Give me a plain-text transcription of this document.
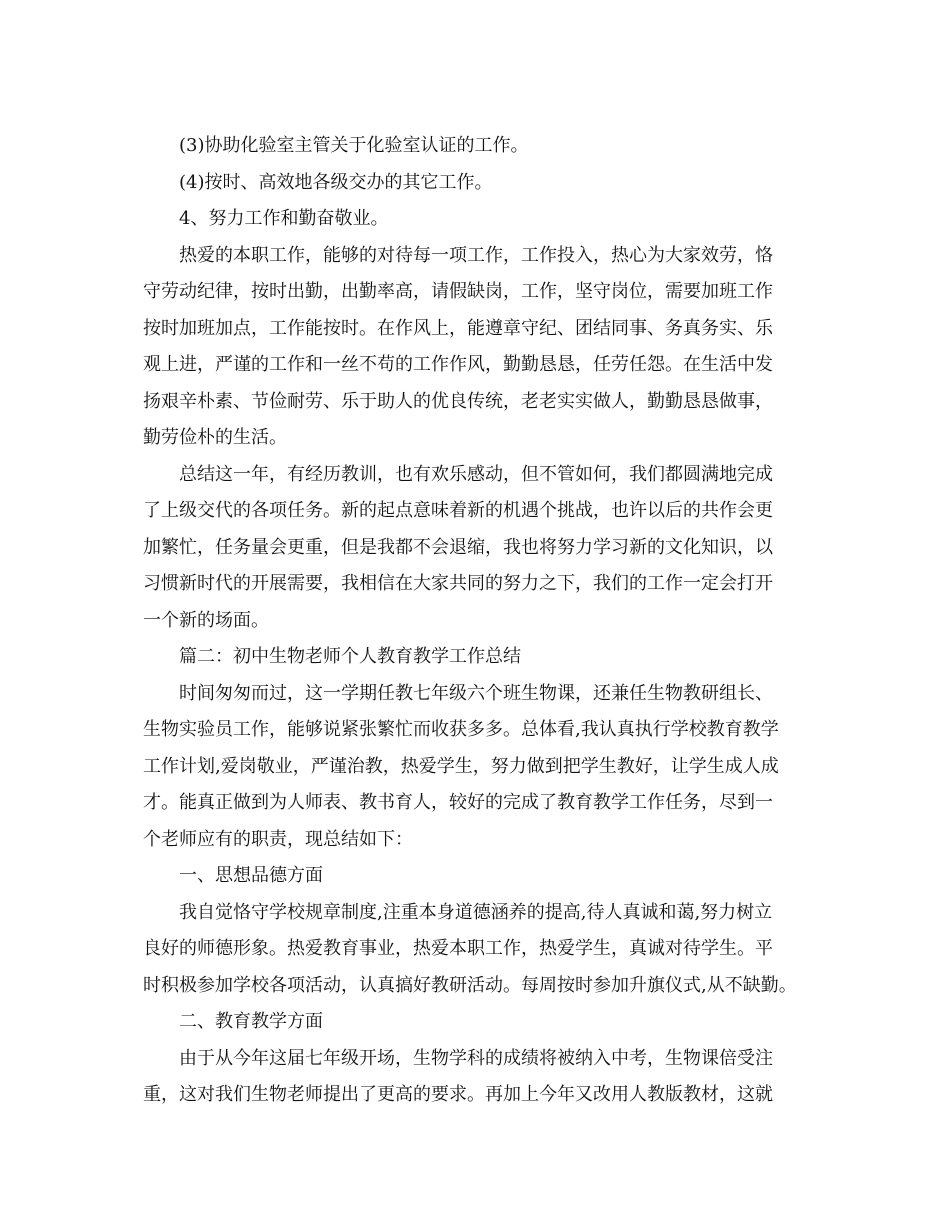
(3)协助化验室主管关于化验室认证的工作。
(4)按时、高效地各级交办的其它工作。
4、努力工作和勤奋敬业。
热爱的本职工作，能够的对待每一项工作，工作投入，热心为大家效劳，恪
守劳动纪律，按时出勤，出勤率高，请假缺岗，工作，坚守岗位，需要加班工作
按时加班加点，工作能按时。在作风上，能遵章守纪、团结同事、务真务实、乐
观上进，严谨的工作和一丝不苟的工作作风，勤勤恳恳，任劳任怨。在生活中发
扬艰辛朴素、节俭耐劳、乐于助人的优良传统，老老实实做人，勤勤恳恳做事，
勤劳俭朴的生活。
总结这一年，有经历教训，也有欢乐感动，但不管如何，我们都圆满地完成
了上级交代的各项任务。新的起点意味着新的机遇个挑战，也许以后的共作会更
加繁忙，任务量会更重，但是我都不会退缩，我也将努力学习新的文化知识，以
习惯新时代的开展需要，我相信在大家共同的努力之下，我们的工作一定会打开
一个新的场面。
篇二：初中生物老师个人教育教学工作总结
时间匆匆而过，这一学期任教七年级六个班生物课，还兼任生物教研组长、
生物实验员工作，能够说紧张繁忙而收获多多。总体看,我认真执行学校教育教学
工作计划,爱岗敬业，严谨治教，热爱学生，努力做到把学生教好，让学生成人成
才。能真正做到为人师表、教书育人，较好的完成了教育教学工作任务，尽到一
个老师应有的职责，现总结如下：
一、思想品德方面
我自觉恪守学校规章制度,注重本身道德涵养的提高,待人真诚和蔼,努力树立
良好的师德形象。热爱教育事业，热爱本职工作，热爱学生，真诚对待学生。平
时积极参加学校各项活动，认真搞好教研活动。每周按时参加升旗仪式,从不缺勤。
二、教育教学方面
由于从今年这届七年级开场，生物学科的成绩将被纳入中考，生物课倍受注
重，这对我们生物老师提出了更高的要求。再加上今年又改用人教版教材，这就
